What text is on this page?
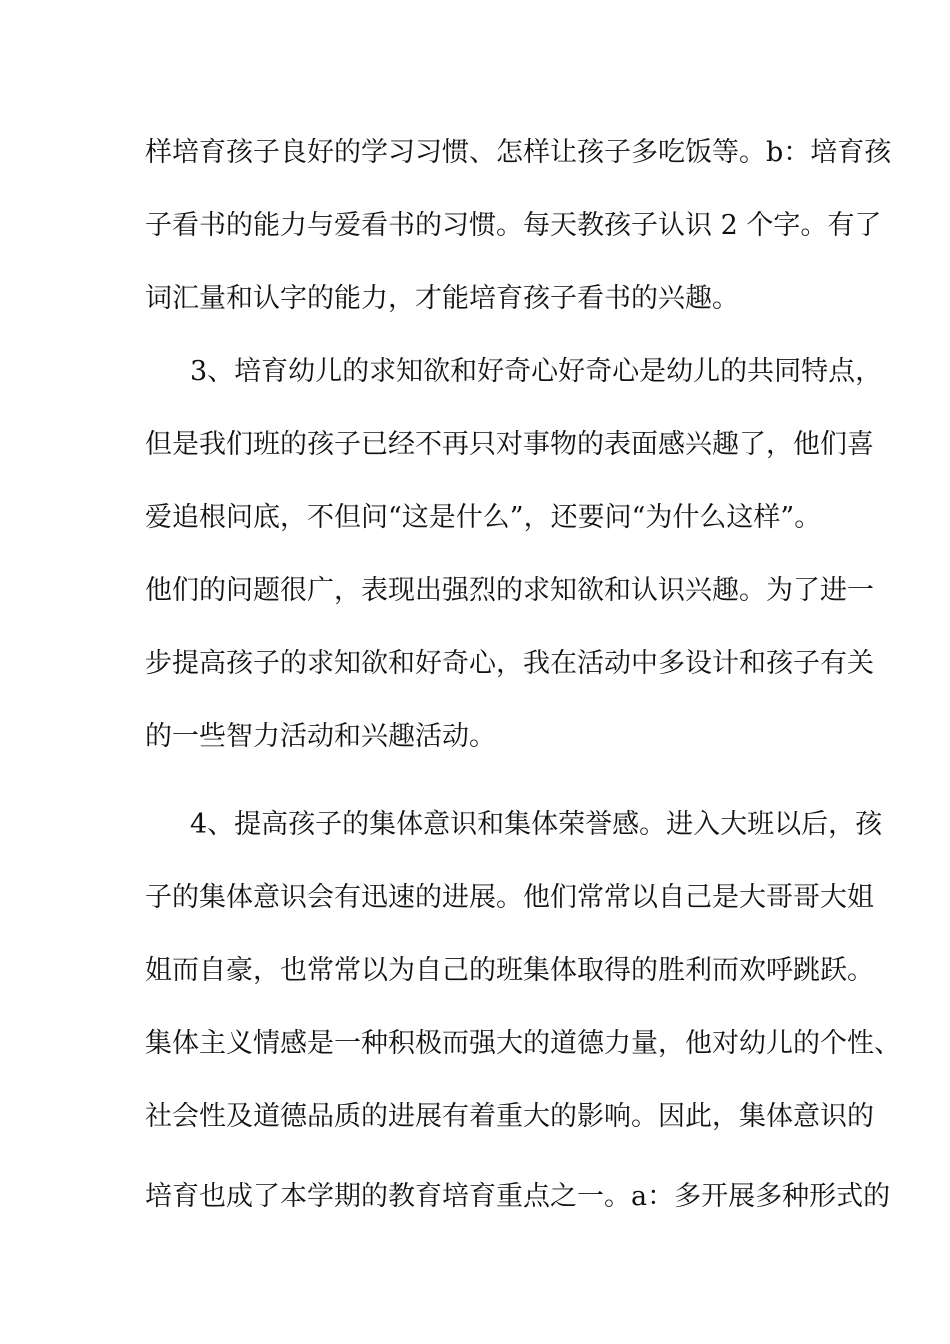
样培育孩子良好的学习习惯、怎样让孩子多吃饭等。b：培育孩
子看书的能力与爱看书的习惯。每天教孩子认识 2 个字。有了
词汇量和认字的能力，才能培育孩子看书的兴趣。
3、培育幼儿的求知欲和好奇心好奇心是幼儿的共同特点，
但是我们班的孩子已经不再只对事物的表面感兴趣了，他们喜
爱追根问底，不但问“这是什么”，还要问“为什么这样”。
他们的问题很广，表现出强烈的求知欲和认识兴趣。为了进一
步提高孩子的求知欲和好奇心，我在活动中多设计和孩子有关
的一些智力活动和兴趣活动。
4、提高孩子的集体意识和集体荣誉感。进入大班以后，孩
子的集体意识会有迅速的进展。他们常常以自己是大哥哥大姐
姐而自豪，也常常以为自己的班集体取得的胜利而欢呼跳跃。
集体主义情感是一种积极而强大的道德力量，他对幼儿的个性、
社会性及道德品质的进展有着重大的影响。因此，集体意识的
培育也成了本学期的教育培育重点之一。a：多开展多种形式的
